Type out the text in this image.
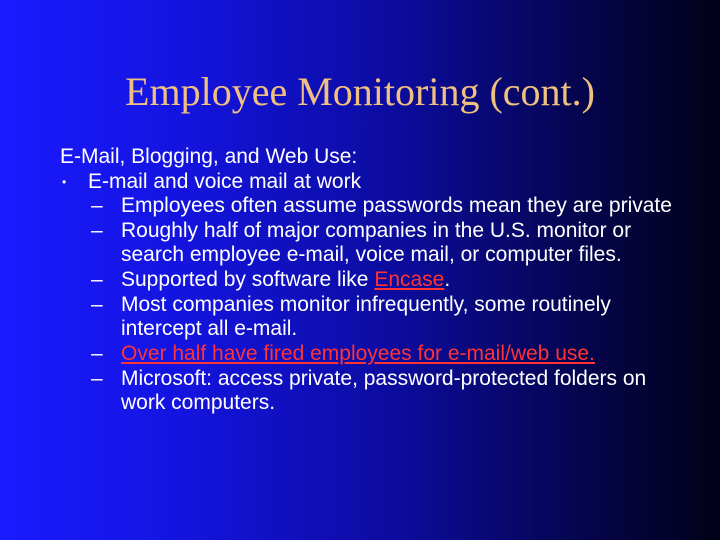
Employee Monitoring (cont.)
E-Mail, Blogging, and Web Use:
•	E-mail and voice mail at work
– Employees often assume passwords mean they are private
– Roughly half of major companies in the U.S. monitor or search employee e-mail, voice mail, or computer files.
– Supported by software like Encase.
– Most companies monitor infrequently, some routinely intercept all e-mail.
– Over half have fired employees for e-mail/web use.
– Microsoft: access private, password-protected folders on work computers.
